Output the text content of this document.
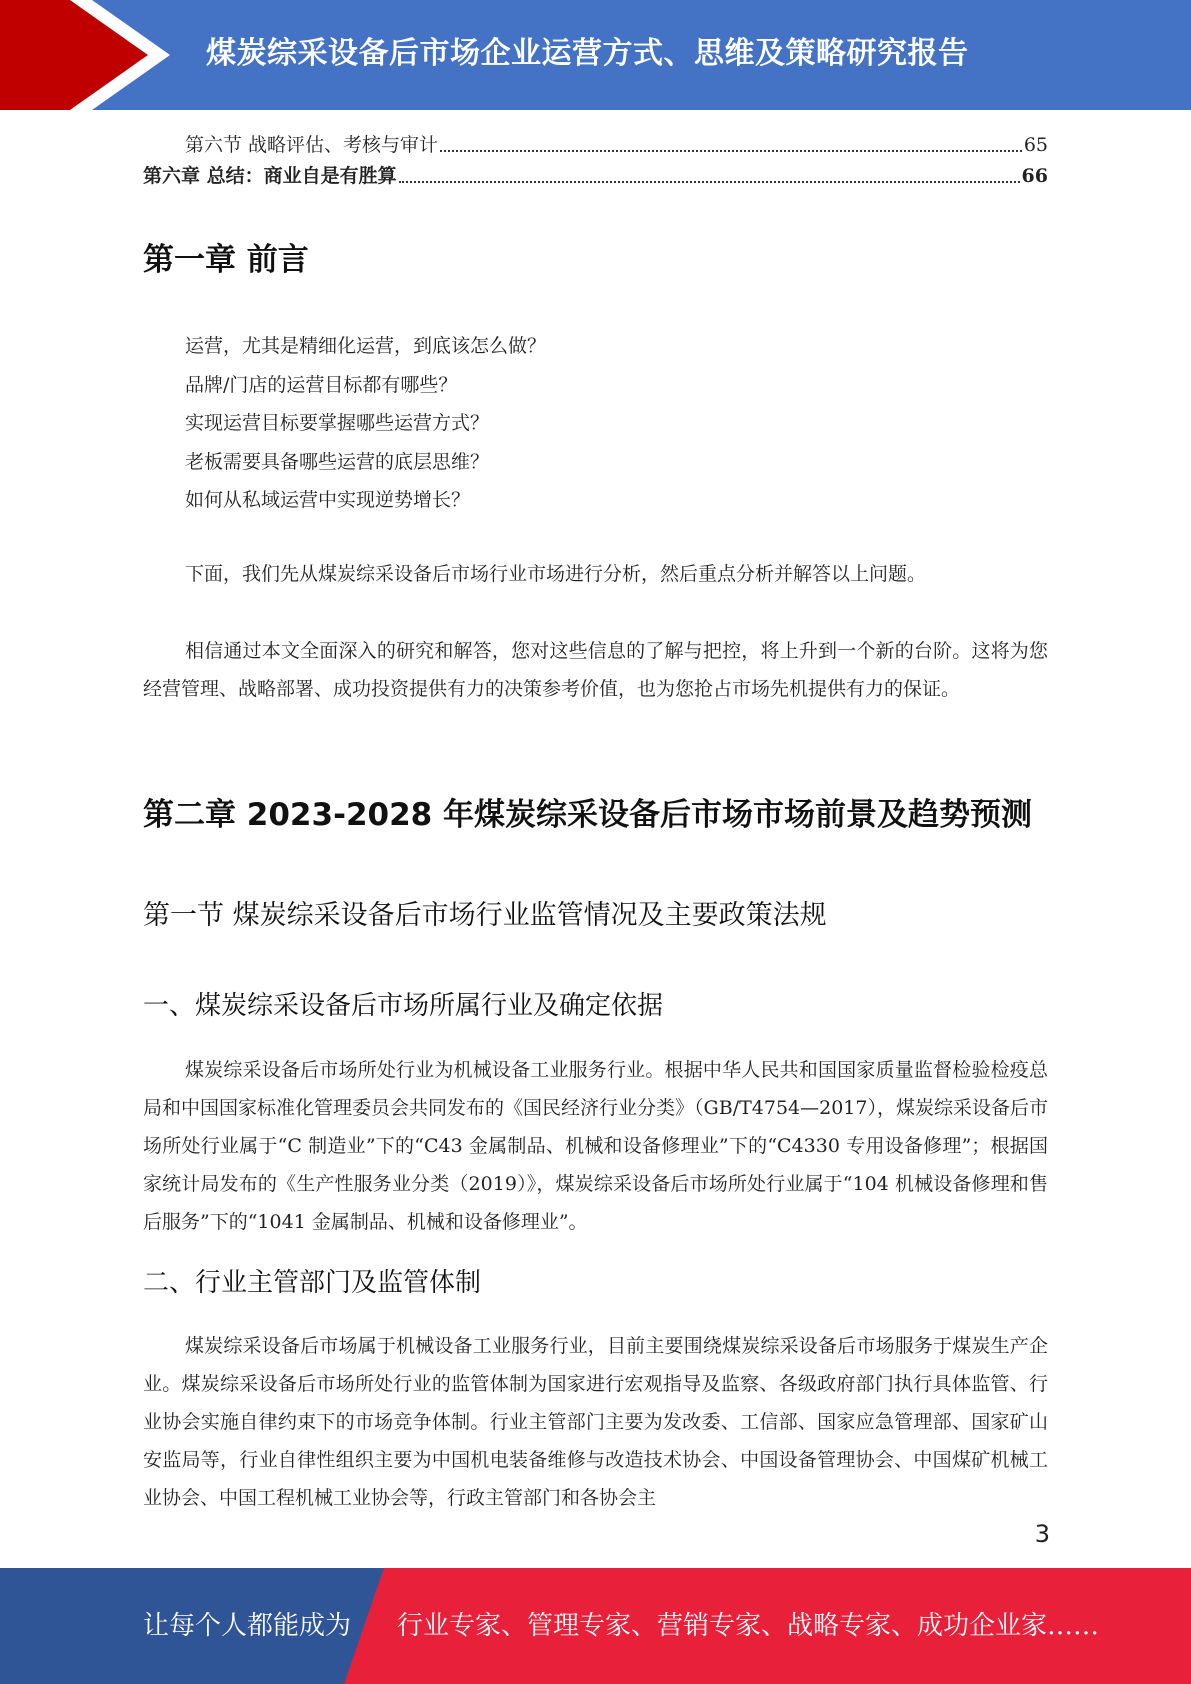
煤炭综采设备后市场企业运营方式、思维及策略研究报告
第六节 战略评估、考核与审计	65
第六章 总结：商业自是有胜算	66
第一章 前言
运营，尤其是精细化运营，到底该怎么做？
品牌/门店的运营目标都有哪些？
实现运营目标要掌握哪些运营方式？
老板需要具备哪些运营的底层思维？
如何从私域运营中实现逆势增长？

下面，我们先从煤炭综采设备后市场行业市场进行分析，然后重点分析并解答以上问题。

相信通过本文全面深入的研究和解答，您对这些信息的了解与把控，将上升到一个新的台阶。这将为您经营管理、战略部署、成功投资提供有力的决策参考价值，也为您抢占市场先机提供有力的保证。

第二章 2023-2028 年煤炭综采设备后市场市场前景及趋势预测
第一节 煤炭综采设备后市场行业监管情况及主要政策法规
一、煤炭综采设备后市场所属行业及确定依据

煤炭综采设备后市场所处行业为机械设备工业服务行业。根据中华人民共和国国家质量监督检验检疫总局和中国国家标准化管理委员会共同发布的《国民经济行业分类》（GB/T4754—2017），煤炭综采设备后市场所处行业属于“C 制造业”下的“C43 金属制品、机械和设备修理业”下的“C4330 专用设备修理”；根据国家统计局发布的《生产性服务业分类（2019）》，煤炭综采设备后市场所处行业属于“104 机械设备修理和售后服务”下的“1041 金属制品、机械和设备修理业”。

二、行业主管部门及监管体制

煤炭综采设备后市场属于机械设备工业服务行业，目前主要围绕煤炭综采设备后市场服务于煤炭生产企业。煤炭综采设备后市场所处行业的监管体制为国家进行宏观指导及监察、各级政府部门执行具体监管、行业协会实施自律约束下的市场竞争体制。行业主管部门主要为发改委、工信部、国家应急管理部、国家矿山安监局等，行业自律性组织主要为中国机电装备维修与改造技术协会、中国设备管理协会、中国煤矿机械工业协会、中国工程机械工业协会等，行政主管部门和各协会主

3
让每个人都能成为 行业专家、管理专家、营销专家、战略专家、成功企业家……
